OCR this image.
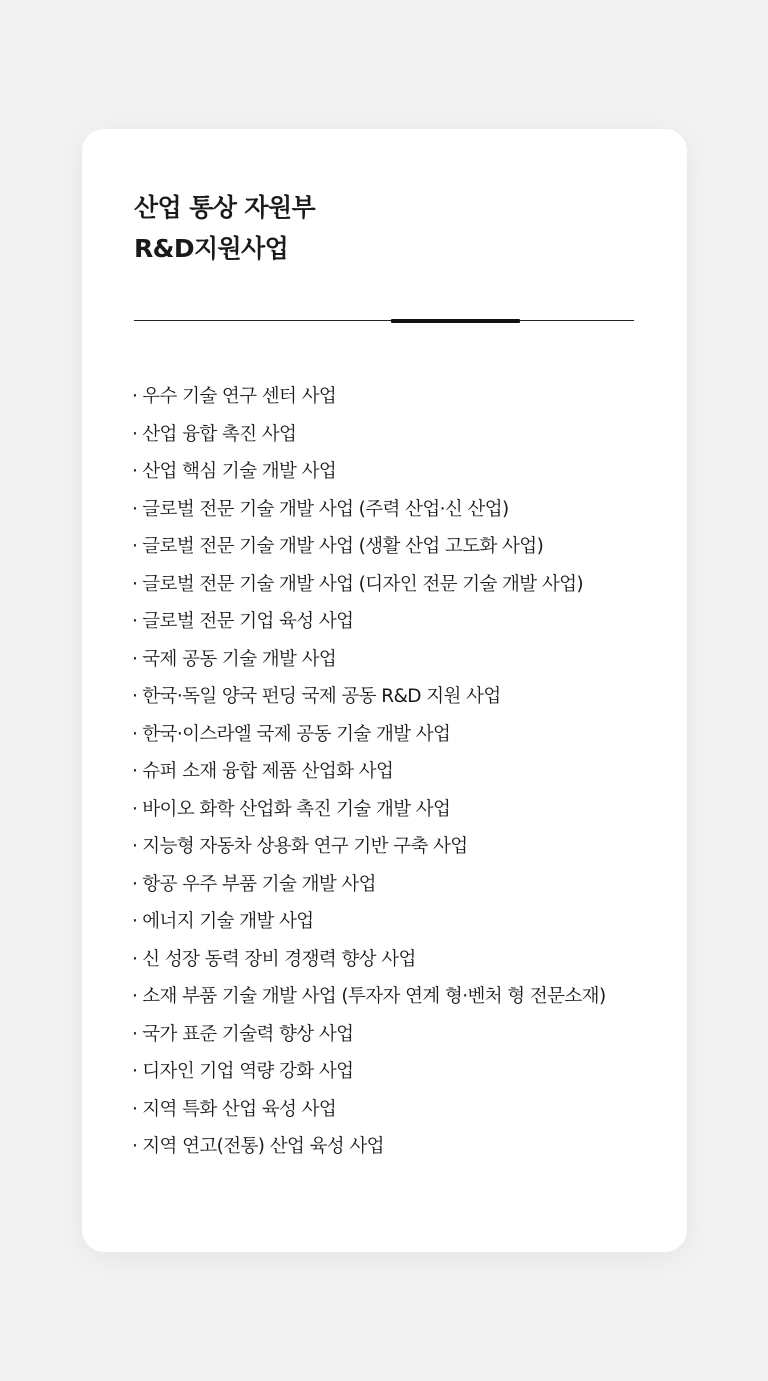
산업 통상 자원부
R&D지원사업
· 우수 기술 연구 센터 사업
· 산업 융합 촉진 사업
· 산업 핵심 기술 개발 사업
· 글로벌 전문 기술 개발 사업 (주력 산업·신 산업)
· 글로벌 전문 기술 개발 사업 (생활 산업 고도화 사업)
· 글로벌 전문 기술 개발 사업 (디자인 전문 기술 개발 사업)
· 글로벌 전문 기업 육성 사업
· 국제 공동 기술 개발 사업
· 한국·독일 양국 펀딩 국제 공동 R&D 지원 사업
· 한국·이스라엘 국제 공동 기술 개발 사업
· 슈퍼 소재 융합 제품 산업화 사업
· 바이오 화학 산업화 촉진 기술 개발 사업
· 지능형 자동차 상용화 연구 기반 구축 사업
· 항공 우주 부품 기술 개발 사업
· 에너지 기술 개발 사업
· 신 성장 동력 장비 경쟁력 향상 사업
· 소재 부품 기술 개발 사업 (투자자 연계 형·벤처 형 전문소재)
· 국가 표준 기술력 향상 사업
· 디자인 기업 역량 강화 사업
· 지역 특화 산업 육성 사업
· 지역 연고(전통) 산업 육성 사업
